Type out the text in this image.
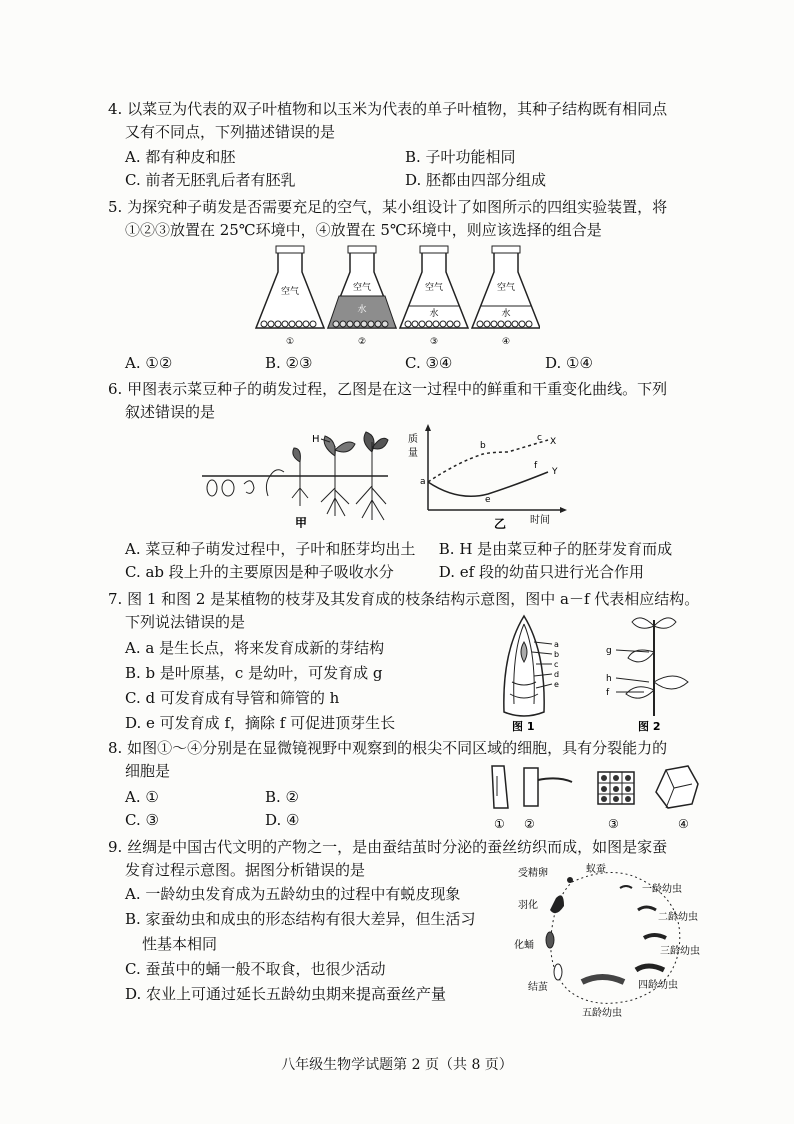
4. 以菜豆为代表的双子叶植物和以玉米为代表的单子叶植物，其种子结构既有相同点

又有不同点，下列描述错误的是

A. 都有种皮和胚	B. 子叶功能相同
C. 前者无胚乳后者有胚乳	D. 胚都由四部分组成

5. 为探究种子萌发是否需要充足的空气，某小组设计了如图所示的四组实验装置，将

①②③放置在 25℃环境中，④放置在 5℃环境中，则应该选择的组合是

空气
①
空气
水
②
空气
水
③
空气
水
④
A. ①②	B. ②③	C. ③④	D. ①④

6. 甲图表示菜豆种子的萌发过程，乙图是在这一过程中的鲜重和干重变化曲线。下列

叙述错误的是

H
甲
质
量
a
b
c
e
f
X
Y
乙 时间
A. 菜豆种子萌发过程中，子叶和胚芽均出土	B. H 是由菜豆种子的胚芽发育而成
C. ab 段上升的主要原因是种子吸收水分	D. ef 段的幼苗只进行光合作用

7. 图 1 和图 2 是某植物的枝芽及其发育成的枝条结构示意图，图中 a－f 代表相应结构。

下列说法错误的是

A. a 是生长点，将来发育成新的芽结构
B. b 是叶原基，c 是幼叶，可发育成 g
C. d 可发育成有导管和筛管的 h
D. e 可发育成 f，摘除 f 可促进顶芽生长
a
b
c
d
e
图 1
g
h
f
图 2

8. 如图①～④分别是在显微镜视野中观察到的根尖不同区域的细胞，具有分裂能力的

细胞是

A. ①	B. ②
C. ③	D. ④	① ②	③	④

9. 丝绸是中国古代文明的产物之一，是由蚕结茧时分泌的蚕丝纺织而成，如图是家蚕

发育过程示意图。据图分析错误的是

A. 一龄幼虫发育成为五龄幼虫的过程中有蜕皮现象
B. 家蚕幼虫和成虫的形态结构有很大差异，但生活习
性基本相同
C. 蚕茧中的蛹一般不取食，也很少活动
D. 农业上可通过延长五龄幼虫期来提高蚕丝产量
受精卵	蚁蚕
一龄幼虫
二龄幼虫
三龄幼虫
四龄幼虫
五龄幼虫
结茧
化蛹
羽化
八年级生物学试题第 2 页（共 8 页）
